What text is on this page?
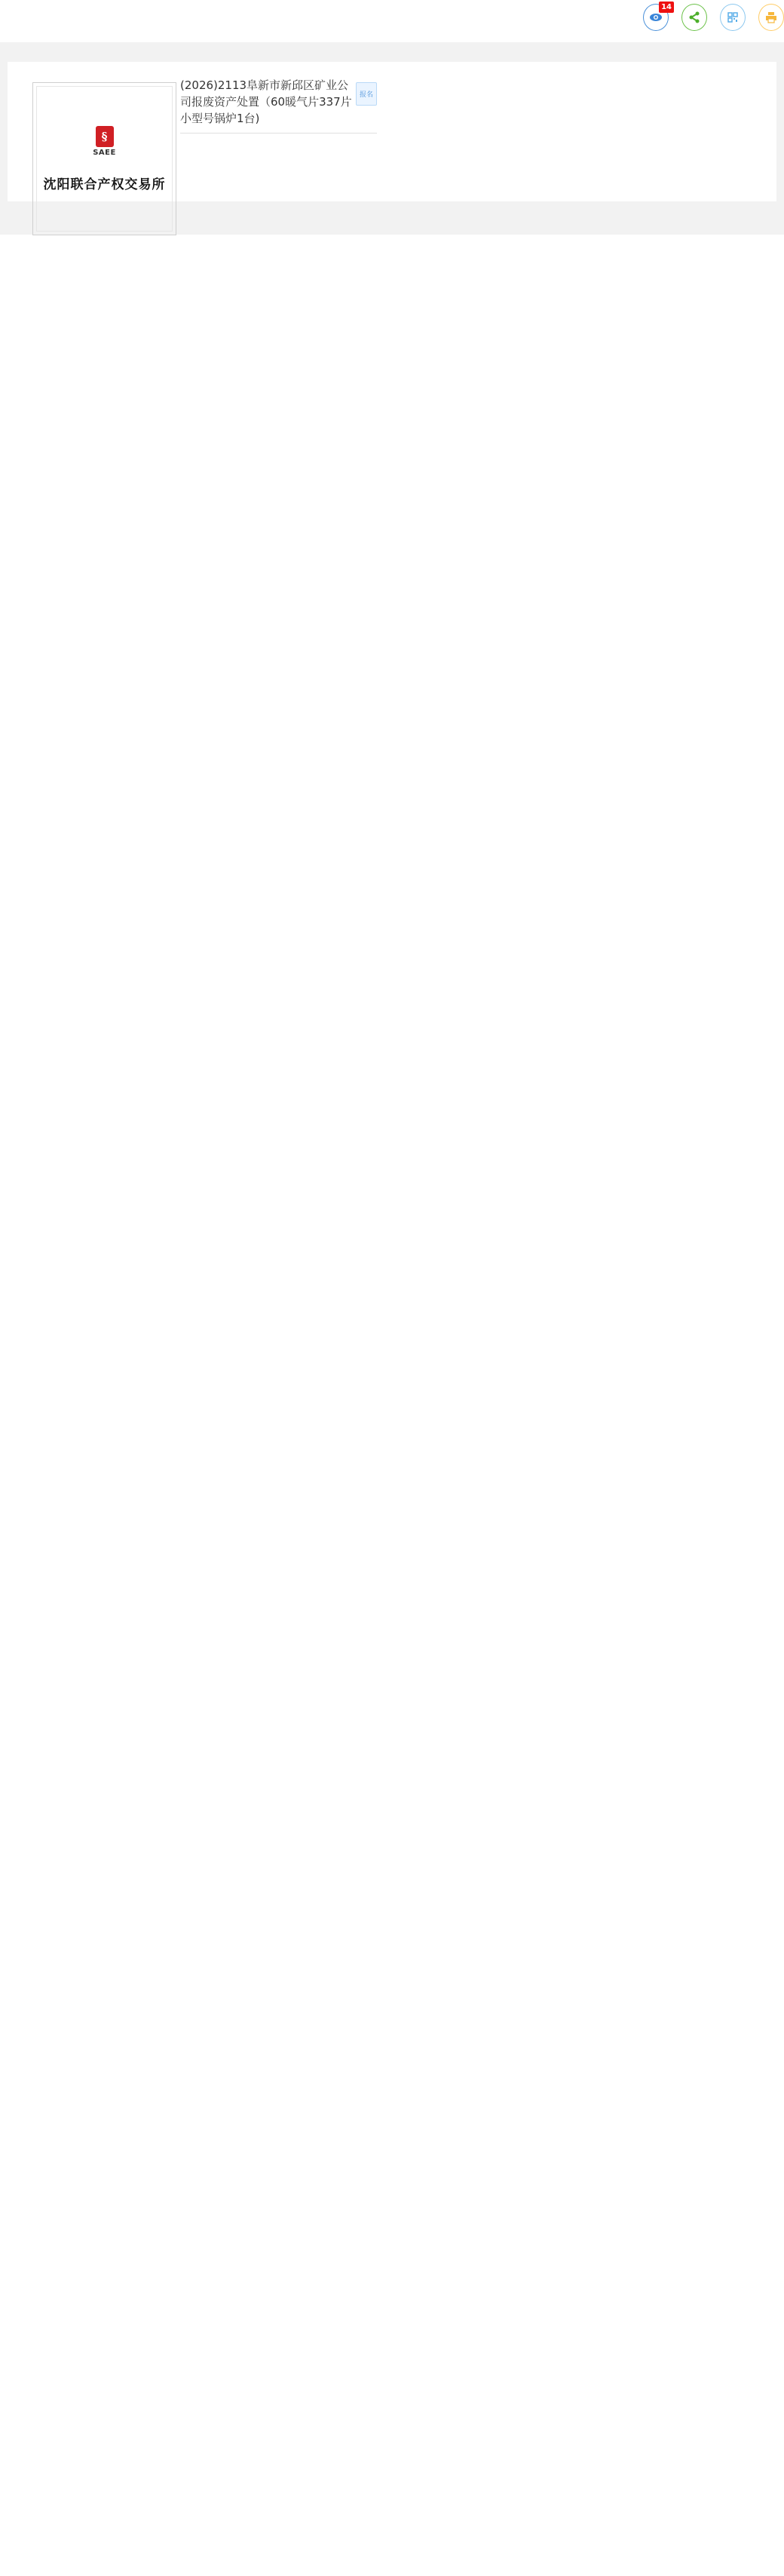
14
§
SAEE
沈阳联合产权交易所
(2026)2113阜新市新邱区矿业公司报废资产处置（60暖气片337片小型号锅炉1台)
报名
